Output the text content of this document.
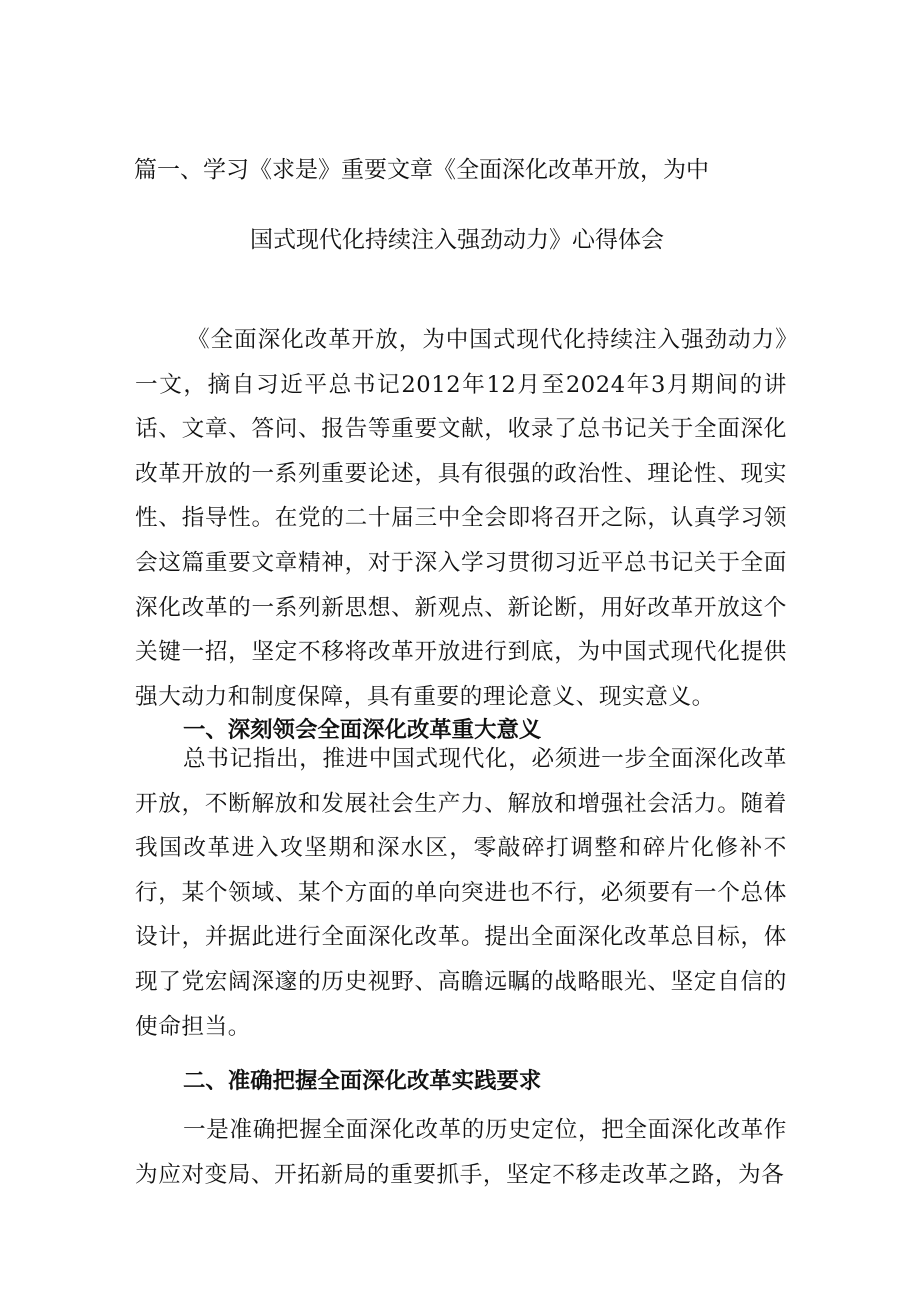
篇一、学习《求是》重要文章《全面深化改革开放，为中
国式现代化持续注入强劲动力》心得体会

《全面深化改革开放，为中国式现代化持续注入强劲动力》一文，摘自习近平总书记2012年12月至2024年3月期间的讲话、文章、答问、报告等重要文献，收录了总书记关于全面深化改革开放的一系列重要论述，具有很强的政治性、理论性、现实性、指导性。在党的二十届三中全会即将召开之际，认真学习领会这篇重要文章精神，对于深入学习贯彻习近平总书记关于全面深化改革的一系列新思想、新观点、新论断，用好改革开放这个关键一招，坚定不移将改革开放进行到底，为中国式现代化提供强大动力和制度保障，具有重要的理论意义、现实意义。

一、深刻领会全面深化改革重大意义

总书记指出，推进中国式现代化，必须进一步全面深化改革开放，不断解放和发展社会生产力、解放和增强社会活力。随着我国改革进入攻坚期和深水区，零敲碎打调整和碎片化修补不行，某个领域、某个方面的单向突进也不行，必须要有一个总体设计，并据此进行全面深化改革。提出全面深化改革总目标，体现了党宏阔深邃的历史视野、高瞻远瞩的战略眼光、坚定自信的使命担当。

二、准确把握全面深化改革实践要求

一是准确把握全面深化改革的历史定位，把全面深化改革作为应对变局、开拓新局的重要抓手，坚定不移走改革之路，为各
